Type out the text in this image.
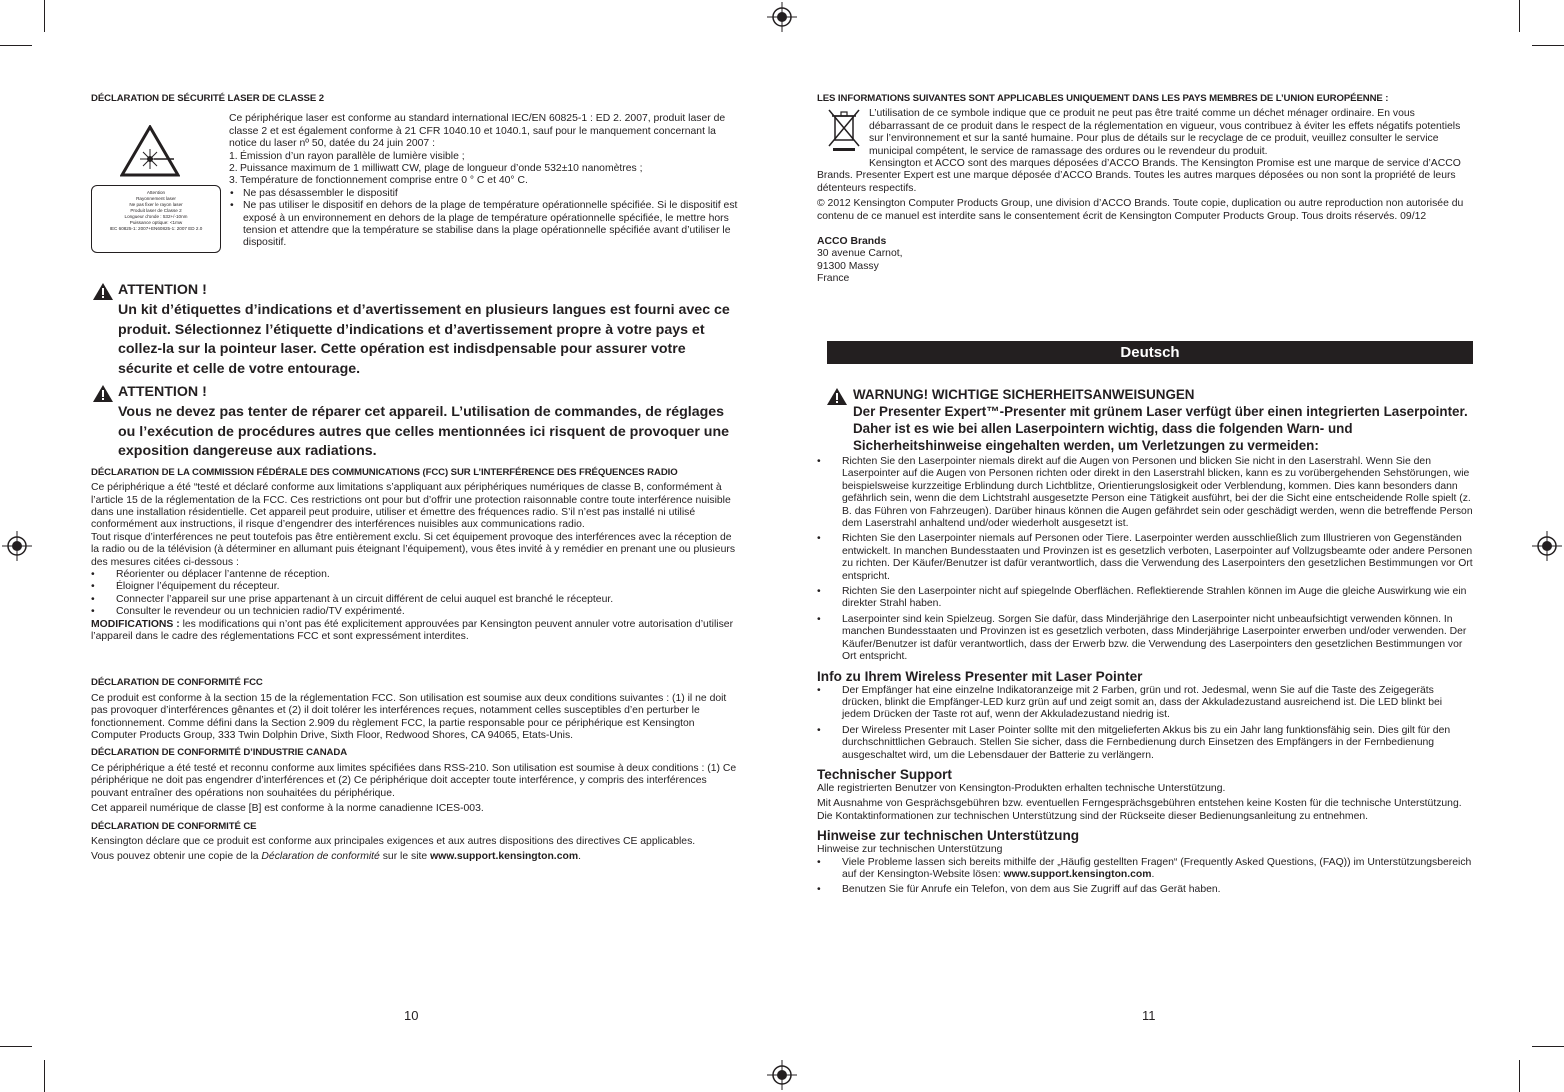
DÉCLARATION DE SÉCURITÉ LASER DE CLASSE 2
Attention
Rayonnement laser
Ne pas fixer le rayon laser
Produit laser de Classe 2
Longueur d’onde : 532+/-10nm
Puissance optique: <1mw
IEC 60825-1: 2007+EN60825-1: 2007 ED 2.0

Ce périphérique laser est conforme au standard international IEC/EN 60825-1 : ED 2. 2007, produit laser de classe 2 et est également conforme à 21 CFR 1040.10 et 1040.1, sauf pour le manquement concernant la notice du laser nº 50, datée du 24 juin 2007 :

1. Émission d’un rayon parallèle de lumière visible ;
2. Puissance maximum de 1 milliwatt CW, plage de longueur d’onde 532±10 nanomètres ;
3. Température de fonctionnement comprise entre 0 ° C et 40° C.
• Ne pas désassembler le dispositif
• Ne pas utiliser le dispositif en dehors de la plage de température opérationnelle spécifiée. Si le dispositif est exposé à un environnement en dehors de la plage de température opérationnelle spécifiée, le mettre hors tension et attendre que la température se stabilise dans la plage opérationnelle spécifiée avant d’utiliser le dispositif.
ATTENTION !
Un kit d’étiquettes d’indications et d’avertissement en plusieurs langues est fourni avec ce produit. Sélectionnez l’étiquette d’indications et d’avertissement propre à votre pays et collez-la sur la pointeur laser. Cette opération est indisdpensable pour assurer votre sécurite et celle de votre entourage.
ATTENTION !
Vous ne devez pas tenter de réparer cet appareil. L’utilisation de commandes, de réglages ou l’exécution de procédures autres que celles mentionnées ici risquent de provoquer une exposition dangereuse aux radiations.
DÉCLARATION DE LA COMMISSION FÉDÉRALE DES COMMUNICATIONS (FCC) SUR L’INTERFÉRENCE DES FRÉQUENCES RADIO

Ce périphérique a été “testé et déclaré conforme aux limitations s’appliquant aux périphériques numériques de classe B, conformément à l’article 15 de la réglementation de la FCC. Ces restrictions ont pour but d’offrir une protection raisonnable contre toute interférence nuisible dans une installation résidentielle. Cet appareil peut produire, utiliser et émettre des fréquences radio. S’il n’est pas installé ni utilisé conformément aux instructions, il risque d’engendrer des interférences nuisibles aux communications radio.

Tout risque d’interférences ne peut toutefois pas être entièrement exclu. Si cet équipement provoque des interférences avec la réception de la radio ou de la télévision (à déterminer en allumant puis éteignant l’équipement), vous êtes invité à y remédier en prenant une ou plusieurs des mesures citées ci-dessous :

• Réorienter ou déplacer l’antenne de réception.
• Éloigner l’équipement du récepteur.
• Connecter l’appareil sur une prise appartenant à un circuit différent de celui auquel est branché le récepteur.
• Consulter le revendeur ou un technicien radio/TV expérimenté.

MODIFICATIONS : les modifications qui n’ont pas été explicitement approuvées par Kensington peuvent annuler votre autorisation d’utiliser l’appareil dans le cadre des réglementations FCC et sont expressément interdites.

DÉCLARATION DE CONFORMITÉ FCC

Ce produit est conforme à la section 15 de la réglementation FCC. Son utilisation est soumise aux deux conditions suivantes : (1) il ne doit pas provoquer d’interférences gênantes et (2) il doit tolérer les interférences reçues, notamment celles susceptibles d’en perturber le fonctionnement. Comme défini dans la Section 2.909 du règlement FCC, la partie responsable pour ce périphérique est Kensington Computer Products Group, 333 Twin Dolphin Drive, Sixth Floor, Redwood Shores, CA 94065, Etats-Unis.

DÉCLARATION DE CONFORMITÉ D’INDUSTRIE CANADA

Ce périphérique a été testé et reconnu conforme aux limites spécifiées dans RSS-210. Son utilisation est soumise à deux conditions : (1) Ce périphérique ne doit pas engendrer d’interférences et (2) Ce périphérique doit accepter toute interférence, y compris des interférences pouvant entraîner des opérations non souhaitées du périphérique.

Cet appareil numérique de classe [B] est conforme à la norme canadienne ICES-003.

DÉCLARATION DE CONFORMITÉ CE

Kensington déclare que ce produit est conforme aux principales exigences et aux autres dispositions des directives CE applicables.

Vous pouvez obtenir une copie de la Déclaration de conformité sur le site www.support.kensington.com.

LES INFORMATIONS SUIVANTES SONT APPLICABLES UNIQUEMENT DANS LES PAYS MEMBRES DE L’UNION EUROPÉENNE :

L’utilisation de ce symbole indique que ce produit ne peut pas être traité comme un déchet ménager ordinaire. En vous débarrassant de ce produit dans le respect de la réglementation en vigueur, vous contribuez à éviter les effets négatifs potentiels sur l’environnement et sur la santé humaine. Pour plus de détails sur le recyclage de ce produit, veuillez consulter le service municipal compétent, le service de ramassage des ordures ou le revendeur du produit.

Kensington et ACCO sont des marques déposées d’ACCO Brands. The Kensington Promise est une marque de service d’ACCO Brands. Presenter Expert est une marque déposée d’ACCO Brands. Toutes les autres marques déposées ou non sont la propriété de leurs détenteurs respectifs.

© 2012 Kensington Computer Products Group, une division d’ACCO Brands. Toute copie, duplication ou autre reproduction non autorisée du contenu de ce manuel est interdite sans le consentement écrit de Kensington Computer Products Group. Tous droits réservés. 09/12

ACCO Brands
30 avenue Carnot,
91300 Massy
France
Deutsch
WARNUNG! WICHTIGE SICHERHEITSANWEISUNGEN
Der Presenter Expert™-Presenter mit grünem Laser verfügt über einen integrierten Laserpointer. Daher ist es wie bei allen Laserpointern wichtig, dass die folgenden Warn- und Sicherheitshinweise eingehalten werden, um Verletzungen zu vermeiden:
• Richten Sie den Laserpointer niemals direkt auf die Augen von Personen und blicken Sie nicht in den Laserstrahl. Wenn Sie den Laserpointer auf die Augen von Personen richten oder direkt in den Laserstrahl blicken, kann es zu vorübergehenden Sehstörungen, wie beispielsweise kurzzeitige Erblindung durch Lichtblitze, Orientierungslosigkeit oder Verblendung, kommen. Dies kann besonders dann gefährlich sein, wenn die dem Lichtstrahl ausgesetzte Person eine Tätigkeit ausführt, bei der die Sicht eine entscheidende Rolle spielt (z. B. das Führen von Fahrzeugen). Darüber hinaus können die Augen gefährdet sein oder geschädigt werden, wenn die betreffende Person dem Laserstrahl anhaltend und/oder wiederholt ausgesetzt ist.
• Richten Sie den Laserpointer niemals auf Personen oder Tiere. Laserpointer werden ausschließlich zum Illustrieren von Gegenständen entwickelt. In manchen Bundesstaaten und Provinzen ist es gesetzlich verboten, Laserpointer auf Vollzugsbeamte oder andere Personen zu richten. Der Käufer/Benutzer ist dafür verantwortlich, dass die Verwendung des Laserpointers den gesetzlichen Bestimmungen vor Ort entspricht.
• Richten Sie den Laserpointer nicht auf spiegelnde Oberflächen. Reflektierende Strahlen können im Auge die gleiche Auswirkung wie ein direkter Strahl haben.
• Laserpointer sind kein Spielzeug. Sorgen Sie dafür, dass Minderjährige den Laserpointer nicht unbeaufsichtigt verwenden können. In manchen Bundesstaaten und Provinzen ist es gesetzlich verboten, dass Minderjährige Laserpointer erwerben und/oder verwenden. Der Käufer/Benutzer ist dafür verantwortlich, dass der Erwerb bzw. die Verwendung des Laserpointers den gesetzlichen Bestimmungen vor Ort entspricht.
Info zu Ihrem Wireless Presenter mit Laser Pointer
• Der Empfänger hat eine einzelne Indikatoranzeige mit 2 Farben, grün und rot. Jedesmal, wenn Sie auf die Taste des Zeigegeräts drücken, blinkt die Empfänger-LED kurz grün auf und zeigt somit an, dass der Akkuladezustand ausreichend ist. Die LED blinkt bei jedem Drücken der Taste rot auf, wenn der Akkuladezustand niedrig ist.
• Der Wireless Presenter mit Laser Pointer sollte mit den mitgelieferten Akkus bis zu ein Jahr lang funktionsfähig sein. Dies gilt für den durchschnittlichen Gebrauch. Stellen Sie sicher, dass die Fernbedienung durch Einsetzen des Empfängers in der Fernbedienung ausgeschaltet wird, um die Lebensdauer der Batterie zu verlängern.
Technischer Support

Alle registrierten Benutzer von Kensington-Produkten erhalten technische Unterstützung.

Mit Ausnahme von Gesprächsgebühren bzw. eventuellen Ferngesprächsgebühren entstehen keine Kosten für die technische Unterstützung.

Die Kontaktinformationen zur technischen Unterstützung sind der Rückseite dieser Bedienungsanleitung zu entnehmen.

Hinweise zur technischen Unterstützung

Hinweise zur technischen Unterstützung

• Viele Probleme lassen sich bereits mithilfe der „Häufig gestellten Fragen“ (Frequently Asked Questions, (FAQ)) im Unterstützungsbereich auf der Kensington-Website lösen: www.support.kensington.com.
• Benutzen Sie für Anrufe ein Telefon, von dem aus Sie Zugriff auf das Gerät haben.
10	11
